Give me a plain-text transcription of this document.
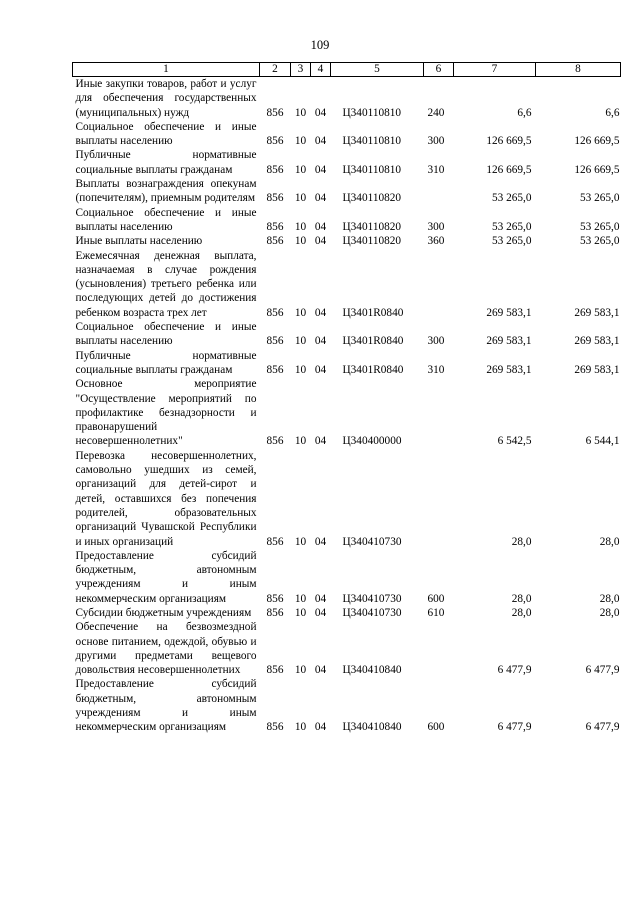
109
1	2	3	4	5	6	7	8
Иные закупки товаров, работ и услуг для обеспечения государственных (муниципальных) нужд	856	10	04	Ц340110810	240	6,6	6,6
Социальное обеспечение и иные выплаты населению	856	10	04	Ц340110810	300	126 669,5	126 669,5
Публичные нормативные социальные выплаты гражданам	856	10	04	Ц340110810	310	126 669,5	126 669,5
Выплаты вознаграждения опекунам (попечителям), приемным родителям	856	10	04	Ц340110820		53 265,0	53 265,0
Социальное обеспечение и иные выплаты населению	856	10	04	Ц340110820	300	53 265,0	53 265,0
Иные выплаты населению	856	10	04	Ц340110820	360	53 265,0	53 265,0
Ежемесячная денежная выплата, назначаемая в случае рождения (усыновления) третьего ребенка или последующих детей до достижения ребенком возраста трех лет	856	10	04	Ц3401R0840		269 583,1	269 583,1
Социальное обеспечение и иные выплаты населению	856	10	04	Ц3401R0840	300	269 583,1	269 583,1
Публичные нормативные социальные выплаты гражданам	856	10	04	Ц3401R0840	310	269 583,1	269 583,1
Основное мероприятие "Осуществление мероприятий по профилактике безнадзорности и правонарушений несовершеннолетних"	856	10	04	Ц340400000		6 542,5	6 544,1
Перевозка несовершеннолетних, самовольно ушедших из семей, организаций для детей-сирот и детей, оставшихся без попечения родителей, образовательных организаций Чувашской Республики и иных организаций	856	10	04	Ц340410730		28,0	28,0
Предоставление субсидий бюджетным, автономным учреждениям и иным некоммерческим организациям	856	10	04	Ц340410730	600	28,0	28,0
Субсидии бюджетным учреждениям	856	10	04	Ц340410730	610	28,0	28,0
Обеспечение на безвозмездной основе питанием, одеждой, обувью и другими предметами вещевого довольствия несовершеннолетних	856	10	04	Ц340410840		6 477,9	6 477,9
Предоставление субсидий бюджетным, автономным учреждениям и иным некоммерческим организациям	856	10	04	Ц340410840	600	6 477,9	6 477,9
